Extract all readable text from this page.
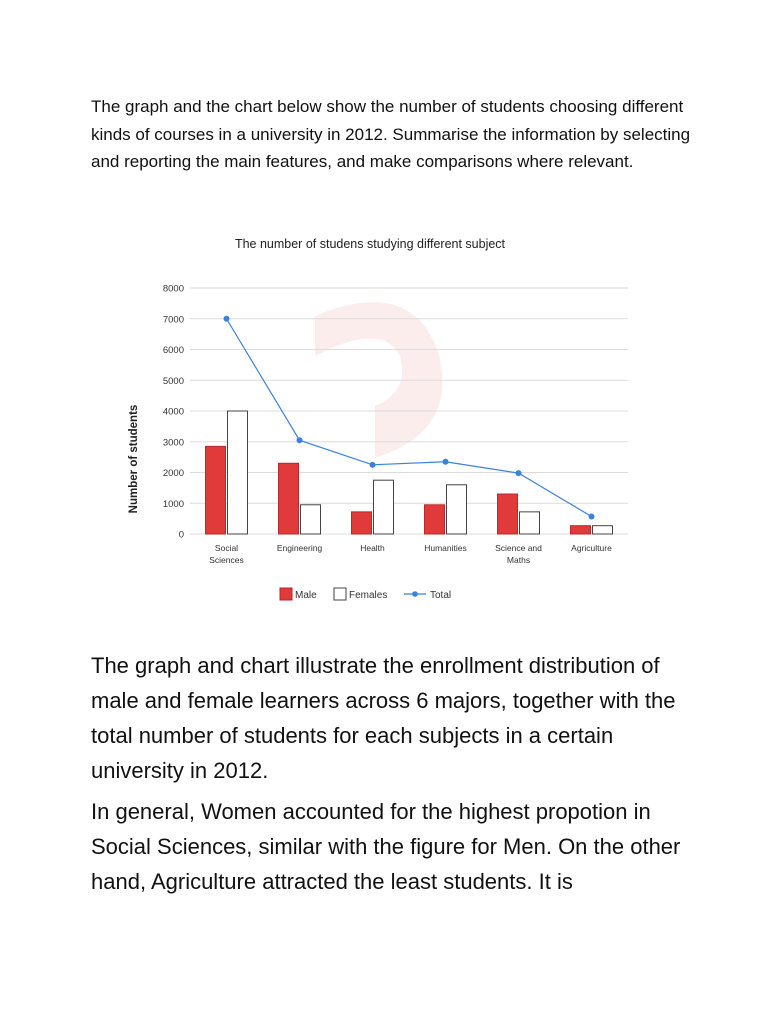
The graph and the chart below show the number of students choosing different kinds of courses in a university in 2012. Summarise the information by selecting and reporting the main features, and make comparisons where relevant.

The number of studens studying different subject
Number of students
0
1000
2000
3000
4000
5000
6000
7000
8000
Social
Sciences
Engineering	Health	Humanities	Science and
Maths
Agriculture
Male	Females	Total

The graph and chart illustrate the enrollment distribution of male and female learners across 6 majors, together with the total number of students for each subjects in a certain university in 2012.

In general, Women accounted for the highest propotion in Social Sciences, similar with the figure for Men. On the other hand, Agriculture attracted the least students. It is
